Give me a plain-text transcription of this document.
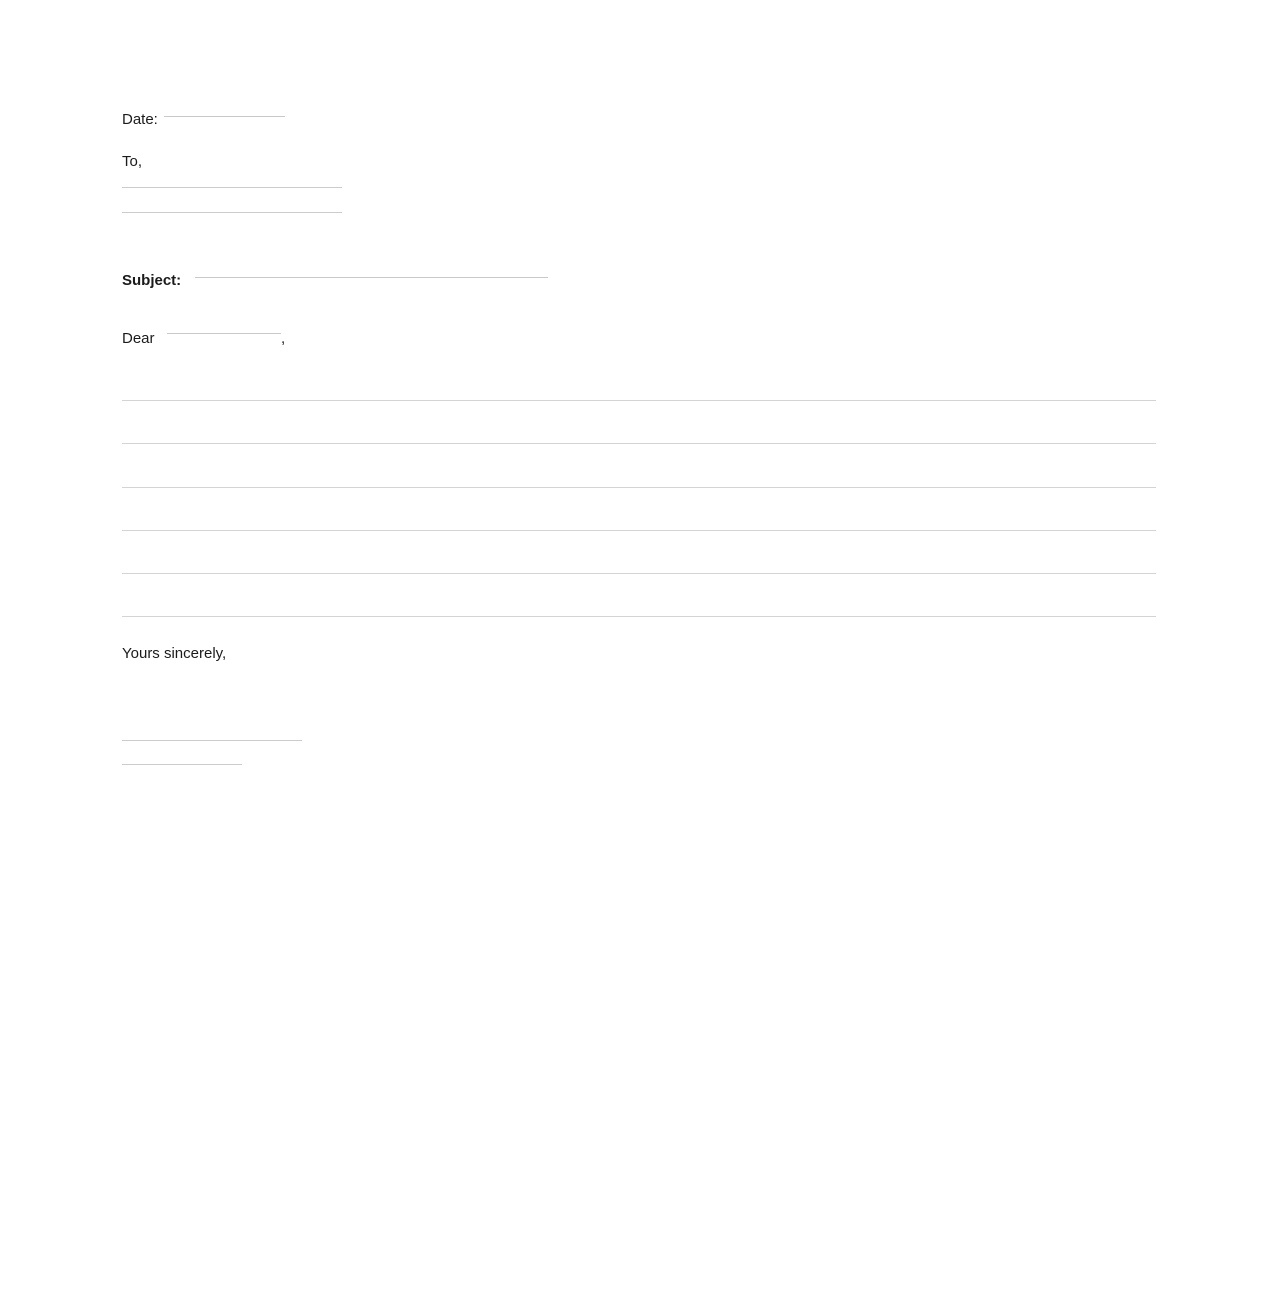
Date:
To,
Subject:
Dear	,
Yours sincerely,
